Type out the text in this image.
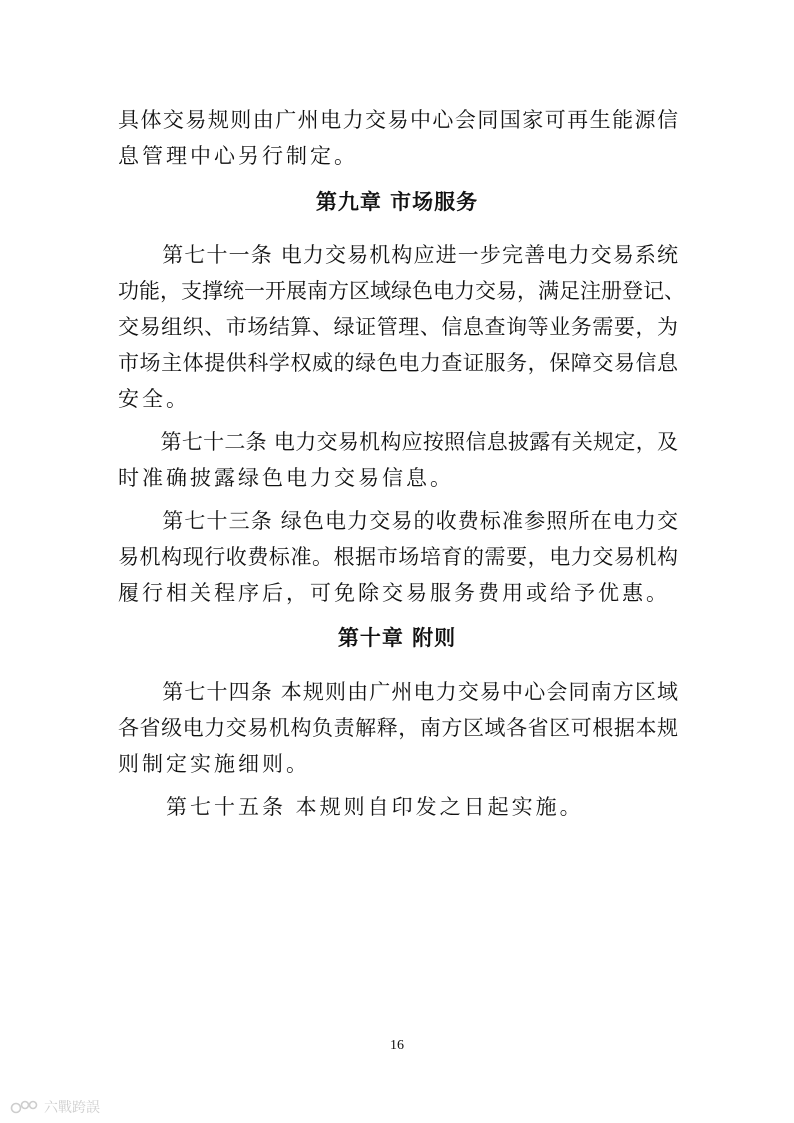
具体交易规则由广州电力交易中心会同国家可再生能源信
息管理中心另行制定。
第九章 市场服务
　　第七十一条 电力交易机构应进一步完善电力交易系统
功能，支撑统一开展南方区域绿色电力交易，满足注册登记、
交易组织、市场结算、绿证管理、信息查询等业务需要，为
市场主体提供科学权威的绿色电力查证服务，保障交易信息
安全。
　　第七十二条 电力交易机构应按照信息披露有关规定，及
时准确披露绿色电力交易信息。
　　第七十三条 绿色电力交易的收费标准参照所在电力交
易机构现行收费标准。根据市场培育的需要，电力交易机构
履行相关程序后，可免除交易服务费用或给予优惠。
第十章 附则
　　第七十四条 本规则由广州电力交易中心会同南方区域
各省级电力交易机构负责解释，南方区域各省区可根据本规
则制定实施细则。
　　第七十五条 本规则自印发之日起实施。
16
六戰跨誤
